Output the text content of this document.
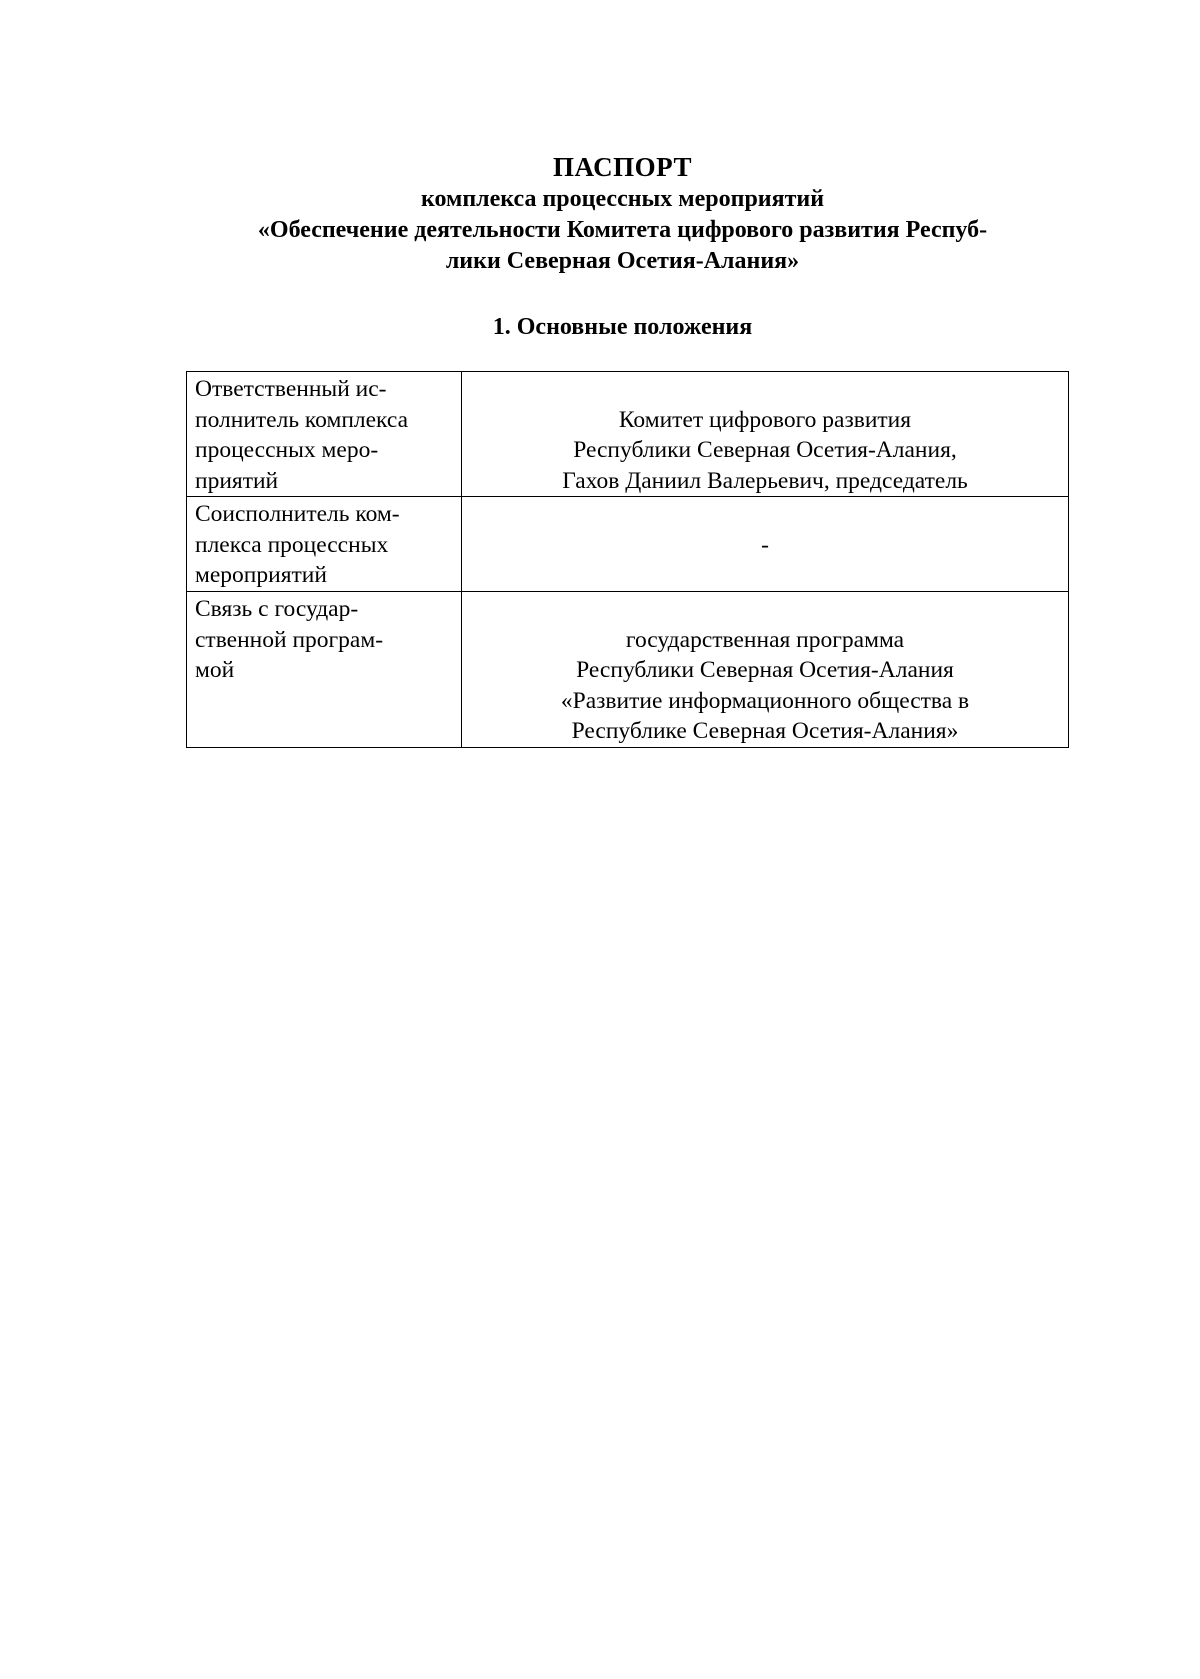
ПАСПОРТ
комплекса процессных мероприятий
«Обеспечение деятельности Комитета цифрового развития Респуб-
лики Северная Осетия-Алания»
1. Основные положения
Ответственный ис-
полнитель комплекса
процессных меро-
приятий	Комитет цифрового развития
Республики Северная Осетия-Алания,
Гахов Даниил Валерьевич, председатель

Соисполнитель ком-
плекса процессных
мероприятий	-

Связь с государ-
ственной програм-
мой	государственная программа
Республики Северная Осетия-Алания
«Развитие информационного общества в
Республике Северная Осетия-Алания»
